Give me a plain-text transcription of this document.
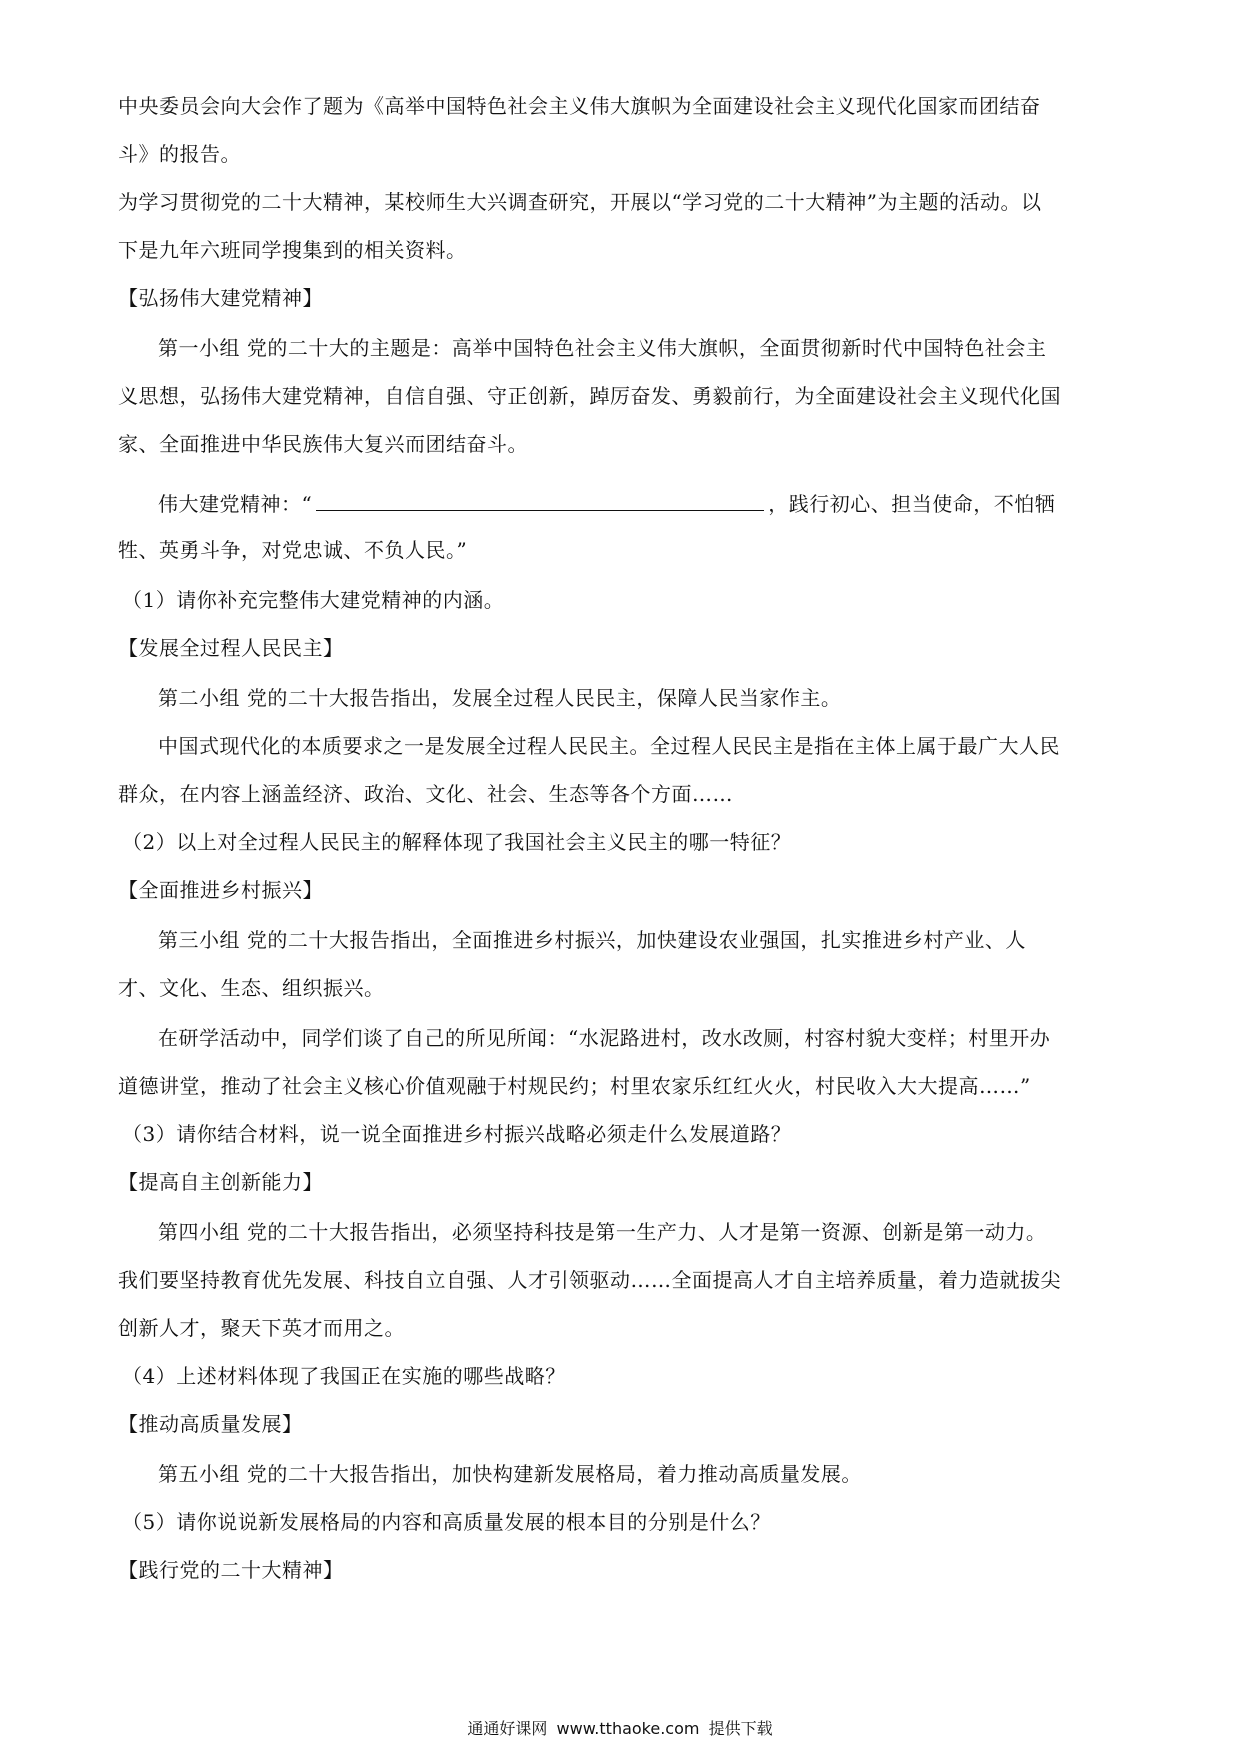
中央委员会向大会作了题为《高举中国特色社会主义伟大旗帜为全面建设社会主义现代化国家而团结奋
斗》的报告。
为学习贯彻党的二十大精神，某校师生大兴调查研究，开展以“学习党的二十大精神”为主题的活动。以
下是九年六班同学搜集到的相关资料。
【弘扬伟大建党精神】
第一小组 党的二十大的主题是：高举中国特色社会主义伟大旗帜，全面贯彻新时代中国特色社会主
义思想，弘扬伟大建党精神，自信自强、守正创新，踔厉奋发、勇毅前行，为全面建设社会主义现代化国
家、全面推进中华民族伟大复兴而团结奋斗。
伟大建党精神：“	，践行初心、担当使命，不怕牺
牲、英勇斗争，对党忠诚、不负人民。”
（1）请你补充完整伟大建党精神的内涵。
【发展全过程人民民主】
第二小组 党的二十大报告指出，发展全过程人民民主，保障人民当家作主。
中国式现代化的本质要求之一是发展全过程人民民主。全过程人民民主是指在主体上属于最广大人民
群众，在内容上涵盖经济、政治、文化、社会、生态等各个方面……
（2）以上对全过程人民民主的解释体现了我国社会主义民主的哪一特征？
【全面推进乡村振兴】
第三小组 党的二十大报告指出，全面推进乡村振兴，加快建设农业强国，扎实推进乡村产业、人
才、文化、生态、组织振兴。
在研学活动中，同学们谈了自己的所见所闻：“水泥路进村，改水改厕，村容村貌大变样；村里开办
道德讲堂，推动了社会主义核心价值观融于村规民约；村里农家乐红红火火，村民收入大大提高……”
（3）请你结合材料，说一说全面推进乡村振兴战略必须走什么发展道路？
【提高自主创新能力】
第四小组 党的二十大报告指出，必须坚持科技是第一生产力、人才是第一资源、创新是第一动力。
我们要坚持教育优先发展、科技自立自强、人才引领驱动……全面提高人才自主培养质量，着力造就拔尖
创新人才，聚天下英才而用之。
（4）上述材料体现了我国正在实施的哪些战略？
【推动高质量发展】
第五小组 党的二十大报告指出，加快构建新发展格局，着力推动高质量发展。
（5）请你说说新发展格局的内容和高质量发展的根本目的分别是什么？
【践行党的二十大精神】
通通好课网 www.tthaoke.com 提供下载
